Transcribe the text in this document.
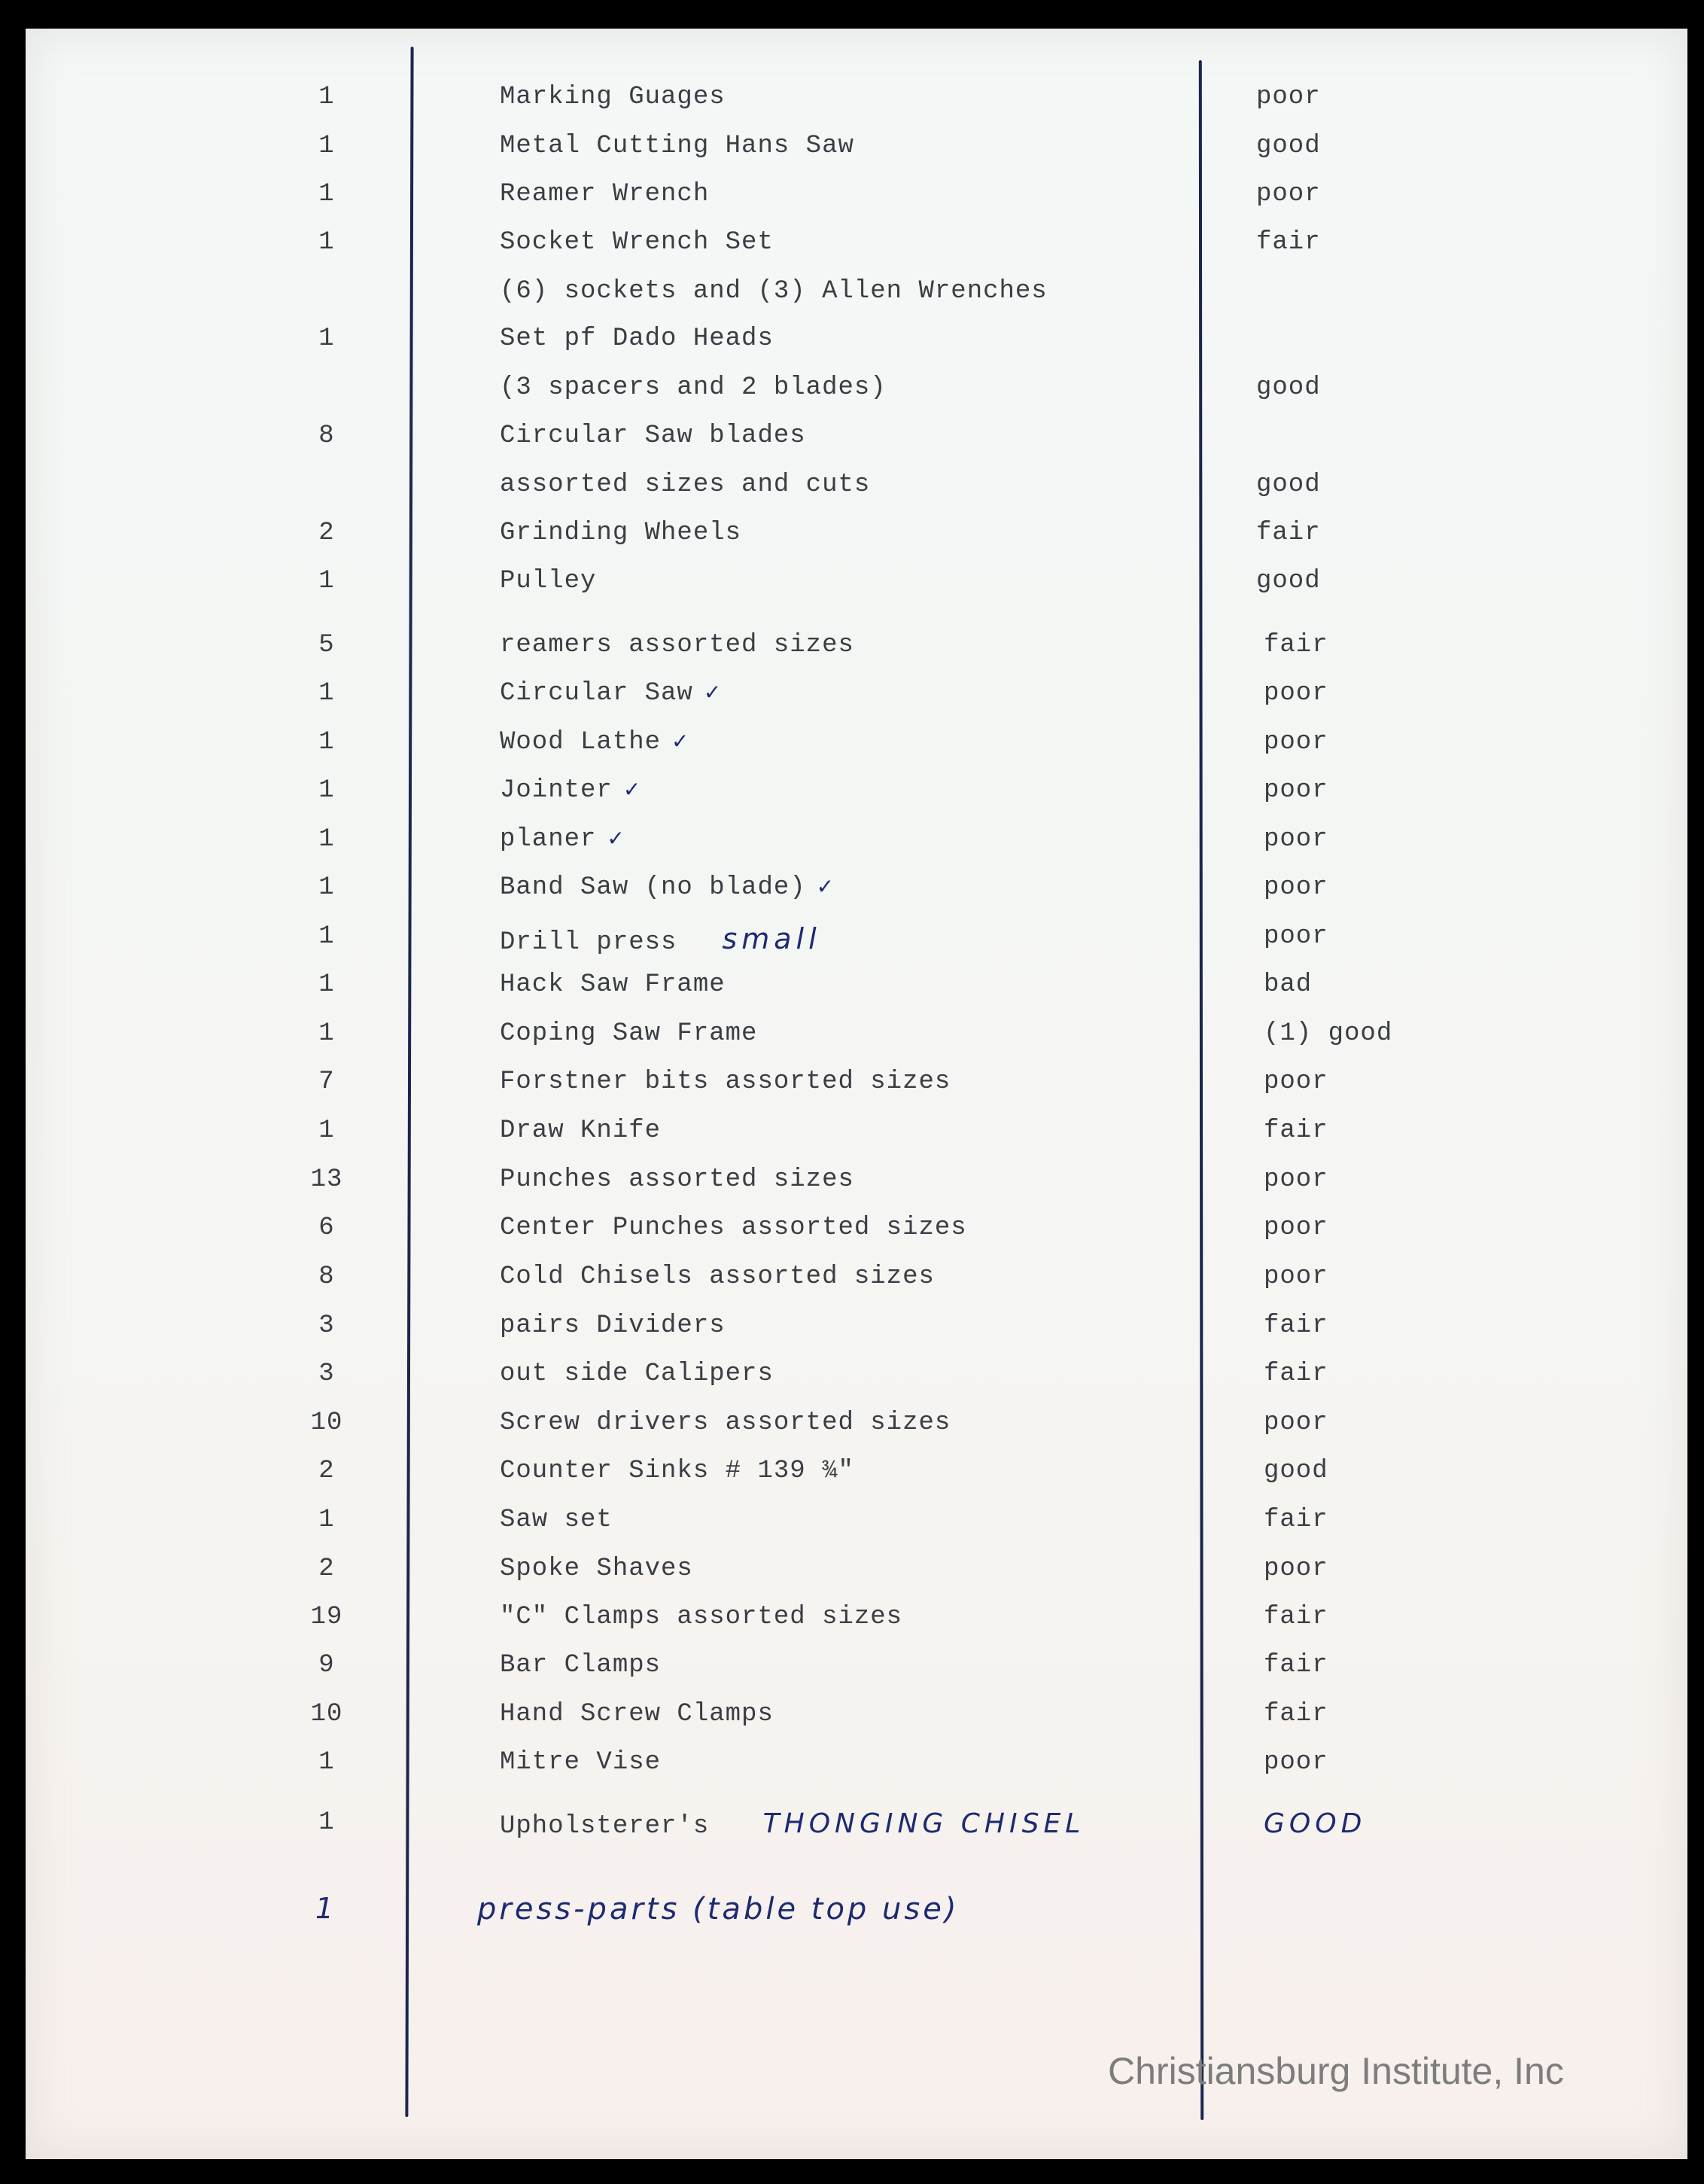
1	Marking Guages	poor
1	Metal Cutting Hans Saw	good
1	Reamer Wrench	poor
1	Socket Wrench Set	fair
(6) sockets and (3) Allen Wrenches
1	Set pf Dado Heads
(3 spacers and 2 blades)	good
8	Circular Saw blades
assorted sizes and cuts	good
2	Grinding Wheels	fair
1	Pulley	good
5	reamers assorted sizes	fair
1	Circular Saw ✓	poor
1	Wood Lathe ✓	poor
1	Jointer ✓	poor
1	planer ✓	poor
1	Band Saw (no blade) ✓	poor
1	Drill press small	poor
1	Hack Saw Frame	bad
1	Coping Saw Frame	(1) good
7	Forstner bits assorted sizes	poor
1	Draw Knife	fair
13	Punches assorted sizes	poor
6	Center Punches assorted sizes	poor
8	Cold Chisels assorted sizes	poor
3	pairs Dividers	fair
3	out side Calipers	fair
10	Screw drivers assorted sizes	poor
2	Counter Sinks # 139 ¾"	good
1	Saw set	fair
2	Spoke Shaves	poor
19	"C" Clamps assorted sizes	fair
9	Bar Clamps	fair
10	Hand Screw Clamps	fair
1	Mitre Vise	poor
1	Upholsterer's THONGING CHISEL	GOOD
1	press-parts (table top use)
Christiansburg Institute, Inc
